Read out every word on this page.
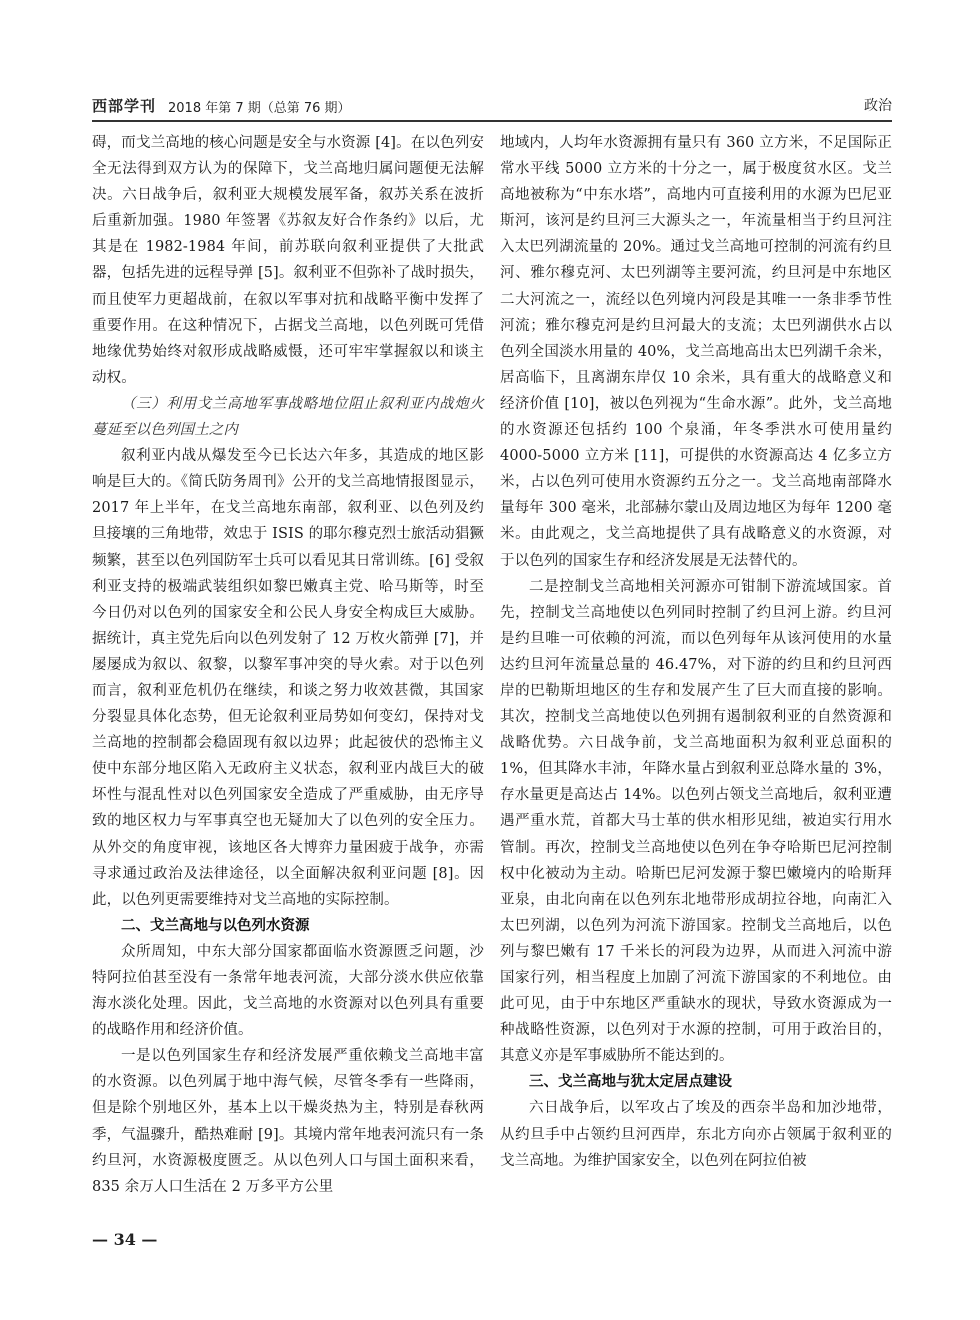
西部学刊 2018 年第 7 期（总第 76 期）	政治

碍，而戈兰高地的核心问题是安全与水资源 [4]。在以色列安全无法得到双方认为的保障下，戈兰高地归属问题便无法解决。六日战争后，叙利亚大规模发展军备，叙苏关系在波折后重新加强。1980 年签署《苏叙友好合作条约》以后，尤其是在 1982-1984 年间，前苏联向叙利亚提供了大批武器，包括先进的远程导弹 [5]。叙利亚不但弥补了战时损失，而且使军力更超战前，在叙以军事对抗和战略平衡中发挥了重要作用。在这种情况下，占据戈兰高地，以色列既可凭借地缘优势始终对叙形成战略威慑，还可牢牢掌握叙以和谈主动权。

（三）利用戈兰高地军事战略地位阻止叙利亚内战炮火蔓延至以色列国土之内

叙利亚内战从爆发至今已长达六年多，其造成的地区影响是巨大的。《简氏防务周刊》公开的戈兰高地情报图显示，2017 年上半年，在戈兰高地东南部，叙利亚、以色列及约旦接壤的三角地带，效忠于 ISIS 的耶尔穆克烈士旅活动猖獗频繁，甚至以色列国防军士兵可以看见其日常训练。[6] 受叙利亚支持的极端武装组织如黎巴嫩真主党、哈马斯等，时至今日仍对以色列的国家安全和公民人身安全构成巨大威胁。据统计，真主党先后向以色列发射了 12 万枚火箭弹 [7]，并屡屡成为叙以、叙黎，以黎军事冲突的导火索。对于以色列而言，叙利亚危机仍在继续，和谈之努力收效甚微，其国家分裂显具体化态势，但无论叙利亚局势如何变幻，保持对戈兰高地的控制都会稳固现有叙以边界；此起彼伏的恐怖主义使中东部分地区陷入无政府主义状态，叙利亚内战巨大的破坏性与混乱性对以色列国家安全造成了严重威胁，由无序导致的地区权力与军事真空也无疑加大了以色列的安全压力。从外交的角度审视，该地区各大博弈力量困疲于战争，亦需寻求通过政治及法律途径，以全面解决叙利亚问题 [8]。因此，以色列更需要维持对戈兰高地的实际控制。

二、戈兰高地与以色列水资源

众所周知，中东大部分国家都面临水资源匮乏问题，沙特阿拉伯甚至没有一条常年地表河流，大部分淡水供应依靠海水淡化处理。因此，戈兰高地的水资源对以色列具有重要的战略作用和经济价值。

一是以色列国家生存和经济发展严重依赖戈兰高地丰富的水资源。以色列属于地中海气候，尽管冬季有一些降雨，但是除个别地区外，基本上以干燥炎热为主，特别是春秋两季，气温骤升，酷热难耐 [9]。其境内常年地表河流只有一条约旦河，水资源极度匮乏。从以色列人口与国土面积来看，835 余万人口生活在 2 万多平方公里

地域内，人均年水资源拥有量只有 360 立方米，不足国际正常水平线 5000 立方米的十分之一，属于极度贫水区。戈兰高地被称为“中东水塔”，高地内可直接利用的水源为巴尼亚斯河，该河是约旦河三大源头之一，年流量相当于约旦河注入太巴列湖流量的 20%。通过戈兰高地可控制的河流有约旦河、雅尔穆克河、太巴列湖等主要河流，约旦河是中东地区二大河流之一，流经以色列境内河段是其唯一一条非季节性河流；雅尔穆克河是约旦河最大的支流；太巴列湖供水占以色列全国淡水用量的 40%，戈兰高地高出太巴列湖千余米，居高临下，且离湖东岸仅 10 余米，具有重大的战略意义和经济价值 [10]，被以色列视为“生命水源”。此外，戈兰高地的水资源还包括约 100 个泉涌，年冬季洪水可使用量约 4000-5000 立方米 [11]，可提供的水资源高达 4 亿多立方米，占以色列可使用水资源约五分之一。戈兰高地南部降水量每年 300 毫米，北部赫尔蒙山及周边地区为每年 1200 毫米。由此观之，戈兰高地提供了具有战略意义的水资源，对于以色列的国家生存和经济发展是无法替代的。

二是控制戈兰高地相关河源亦可钳制下游流域国家。首先，控制戈兰高地使以色列同时控制了约旦河上游。约旦河是约旦唯一可依赖的河流，而以色列每年从该河使用的水量达约旦河年流量总量的 46.47%，对下游的约旦和约旦河西岸的巴勒斯坦地区的生存和发展产生了巨大而直接的影响。其次，控制戈兰高地使以色列拥有遏制叙利亚的自然资源和战略优势。六日战争前，戈兰高地面积为叙利亚总面积的 1%，但其降水丰沛，年降水量占到叙利亚总降水量的 3%，存水量更是高达占 14%。以色列占领戈兰高地后，叙利亚遭遇严重水荒，首都大马士革的供水相形见绌，被迫实行用水管制。再次，控制戈兰高地使以色列在争夺哈斯巴尼河控制权中化被动为主动。哈斯巴尼河发源于黎巴嫩境内的哈斯拜亚泉，由北向南在以色列东北地带形成胡拉谷地，向南汇入太巴列湖，以色列为河流下游国家。控制戈兰高地后，以色列与黎巴嫩有 17 千米长的河段为边界，从而进入河流中游国家行列，相当程度上加剧了河流下游国家的不利地位。由此可见，由于中东地区严重缺水的现状，导致水资源成为一种战略性资源，以色列对于水源的控制，可用于政治目的，其意义亦是军事威胁所不能达到的。

三、戈兰高地与犹太定居点建设

六日战争后，以军攻占了埃及的西奈半岛和加沙地带，从约旦手中占领约旦河西岸，东北方向亦占领属于叙利亚的戈兰高地。为维护国家安全，以色列在阿拉伯被

— 34 —
